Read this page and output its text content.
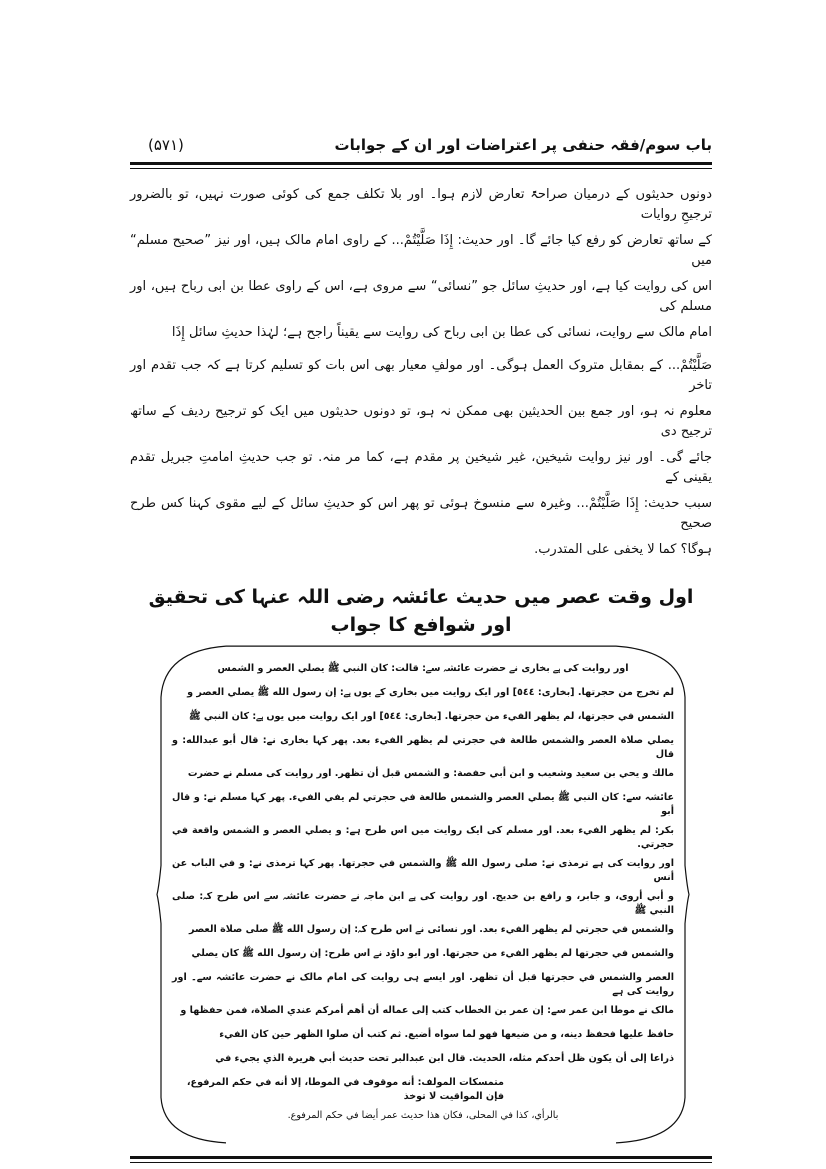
(۵۷۱)	باب سوم/فقہ حنفی پر اعتراضات اور ان کے جوابات
دونوں حدیثوں کے درمیان صراحۃً تعارض لازم ہوا۔ اور بلا تکلف جمع کی کوئی صورت نہیں، تو بالضرور ترجیحِ روایات
کے ساتھ تعارض کو رفع کیا جائے گا۔ اور حدیث: إِذَا صَلَّيْتُمْ... کے راوی امام مالک ہیں، اور نیز ”صحیح مسلم“ میں
اس کی روایت کیا ہے، اور حدیثِ سائل جو ”نسائی“ سے مروی ہے، اس کے راوی عطا بن ابی رباح ہیں، اور مسلم کی
امام مالک سے روایت، نسائی کی عطا بن ابی رباح کی روایت سے یقیناً راجح ہے؛ لہٰذا حدیثِ سائل إِذَا
صَلَّيْتُمْ... کے بمقابل متروک العمل ہوگی۔ اور مولفِ معیار بھی اس بات کو تسلیم کرتا ہے کہ جب تقدم اور تاخر
معلوم نہ ہو، اور جمع بین الحدیثین بھی ممکن نہ ہو، تو دونوں حدیثوں میں ایک کو ترجیح ردیف کے ساتھ ترجیح دی
جائے گی۔ اور نیز روایت شیخین، غیر شیخین پر مقدم ہے، کما مر منہ. تو جب حدیثِ امامتِ جبریل تقدم یقینی کے
سبب حدیث: إِذَا صَلَّيْتُمْ... وغیرہ سے منسوخ ہوئی تو پھر اس کو حدیثِ سائل کے لیے مقوی کہنا کس طرح صحیح
ہوگا؟ کما لا یخفی علی المتدرب.
اول وقت عصر میں حدیث عائشہ رضی اللہ عنہا کی تحقیق اور شوافع کا جواب
اور روایت کی ہے بخاری نے حضرت عائشہ سے: قالت: كان النبي ﷺ يصلي العصر و الشمس
لم تخرج من حجرتها. [بخاری: ٥٤٤] اور ایک روایت میں بخاری کے یوں ہے: إن رسول الله ﷺ يصلي العصر و
الشمس في حجرتها، لم يظهر الفيء من حجرتها. [بخاری: ٥٤٤] اور ایک روایت میں یوں ہے: كان النبي ﷺ
يصلي صلاة العصر والشمس طالعة في حجرتي لم يظهر الفيء بعد. پھر کہا بخاری نے: قال أبو عبدالله: و قال
مالك و يحي بن سعيد وشعيب و ابن أبي حفصة: و الشمس قبل أن تظهر. اور روایت کی مسلم نے حضرت
عائشہ سے: كان النبي ﷺ يصلي العصر والشمس طالعة في حجرتي لم يفي الفيء. پھر کہا مسلم نے: و قال أبو
بكر: لم يظهر الفيء بعد. اور مسلم کی ایک روایت میں اس طرح ہے: و يصلي العصر و الشمس واقعة في حجرتي.
اور روایت کی ہے ترمذی نے: صلى رسول الله ﷺ والشمس في حجرتها. پھر کہا ترمذی نے: و في الباب عن أنس
و أبي أروى، و جابر، و رافع بن خديج. اور روایت کی ہے ابن ماجہ نے حضرت عائشہ سے اس طرح کہ: صلى النبي ﷺ
والشمس في حجرتي لم يظهر الفيء بعد. اور نسائی نے اس طرح کہ: إن رسول الله ﷺ صلى صلاة العصر
والشمس في حجرتها لم يظهر الفيء من حجرتها. اور ابو داؤد نے اس طرح: إن رسول الله ﷺ كان يصلي
العصر والشمس في حجرتها قبل أن تظهر. اور ایسے ہی روایت کی امام مالک نے حضرت عائشہ سے۔ اور روایت کی ہے
مالک نے موطا ابن عمر سے: إن عمر بن الخطاب كتب إلى عماله أن أهم أمركم عندي الصلاة، فمن حفظها و
حافظ عليها فحفظ دينه، و من ضيعها فهو لما سواه أضيع. ثم كتب أن صلوا الظهر حين كان الفيء
ذراعا إلى أن يكون ظل أحدكم مثله، الحديث. قال ابن عبدالبر تحت حديث أبي هريرة الذي يجيء في
متمسكات المولف: أنه موقوف في الموطا، إلا أنه في حكم المرفوع، فإن المواقيت لا توخذ
بالرأي، كذا في المحلى، فكان هذا حديث عمر أيضا في حكم المرفوع.
